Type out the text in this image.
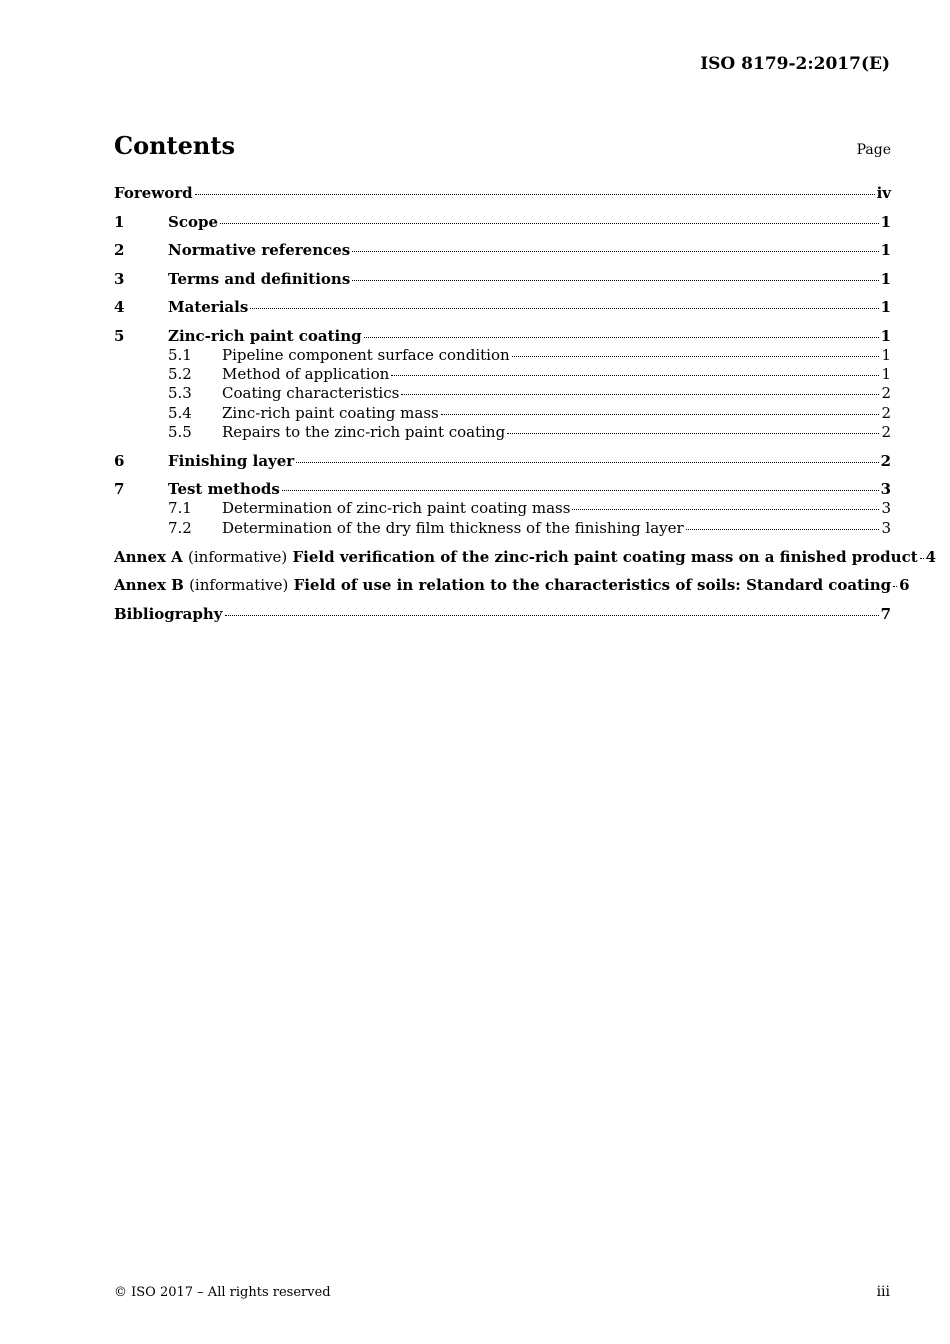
ISO 8179-2:2017(E)
Contents	Page
Foreword	iv
1	Scope	1
2	Normative references	1
3	Terms and definitions	1
4	Materials	1
5	Zinc-rich paint coating	1
5.1	Pipeline component surface condition	1
5.2	Method of application	1
5.3	Coating characteristics	2
5.4	Zinc-rich paint coating mass	2
5.5	Repairs to the zinc-rich paint coating	2
6	Finishing layer	2
7	Test methods	3
7.1	Determination of zinc-rich paint coating mass	3
7.2	Determination of the dry film thickness of the finishing layer	3
Annex A (informative) Field verification of the zinc-rich paint coating mass on a finished product 4
Annex B (informative) Field of use in relation to the characteristics of soils: Standard coating 6
Bibliography	7
© ISO 2017 – All rights reserved	iii
